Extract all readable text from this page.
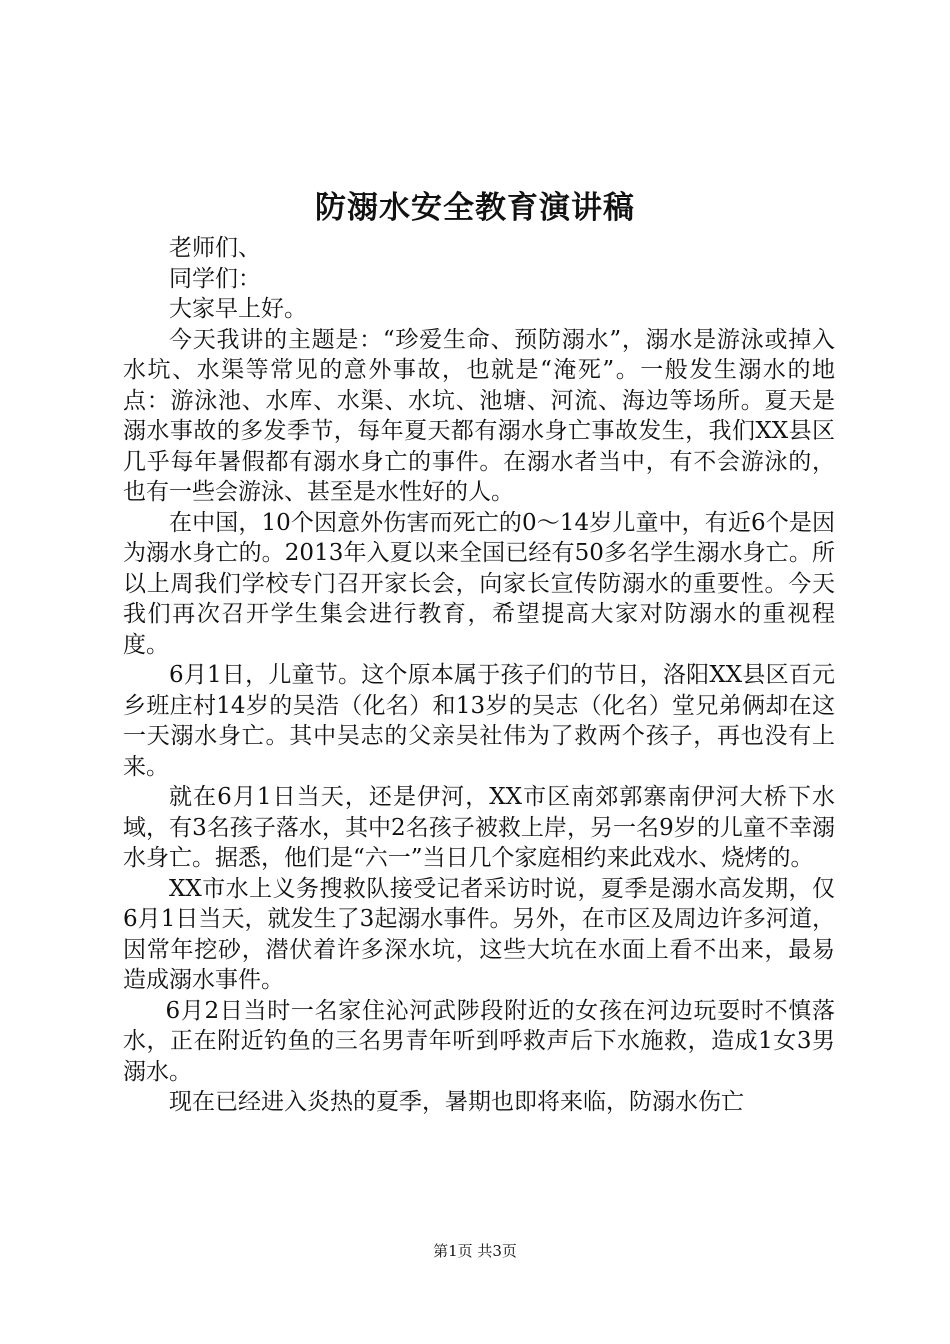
防溺水安全教育演讲稿

老师们、

同学们：

大家早上好。

今天我讲的主题是：“珍爱生命、预防溺水”，溺水是游泳或掉入水坑、水渠等常见的意外事故，也就是“淹死”。一般发生溺水的地点：游泳池、水库、水渠、水坑、池塘、河流、海边等场所。夏天是溺水事故的多发季节，每年夏天都有溺水身亡事故发生，我们XX县区几乎每年暑假都有溺水身亡的事件。在溺水者当中，有不会游泳的，也有一些会游泳、甚至是水性好的人。

在中国，10个因意外伤害而死亡的0～14岁儿童中，有近6个是因为溺水身亡的。2013年入夏以来全国已经有50多名学生溺水身亡。所以上周我们学校专门召开家长会，向家长宣传防溺水的重要性。今天我们再次召开学生集会进行教育，希望提高大家对防溺水的重视程度。

6月1日，儿童节。这个原本属于孩子们的节日，洛阳XX县区百元乡班庄村14岁的吴浩（化名）和13岁的吴志（化名）堂兄弟俩却在这一天溺水身亡。其中吴志的父亲吴社伟为了救两个孩子，再也没有上来。

就在6月1日当天，还是伊河，XX市区南郊郭寨南伊河大桥下水域，有3名孩子落水，其中2名孩子被救上岸，另一名9岁的儿童不幸溺水身亡。据悉，他们是“六一”当日几个家庭相约来此戏水、烧烤的。

XX市水上义务搜救队接受记者采访时说，夏季是溺水高发期，仅6月1日当天，就发生了3起溺水事件。另外，在市区及周边许多河道，因常年挖砂，潜伏着许多深水坑，这些大坑在水面上看不出来，最易造成溺水事件。

6月2日当时一名家住沁河武陟段附近的女孩在河边玩耍时不慎落水，正在附近钓鱼的三名男青年听到呼救声后下水施救，造成1女3男溺水。

现在已经进入炎热的夏季，暑期也即将来临，防溺水伤亡

第1页 共3页
